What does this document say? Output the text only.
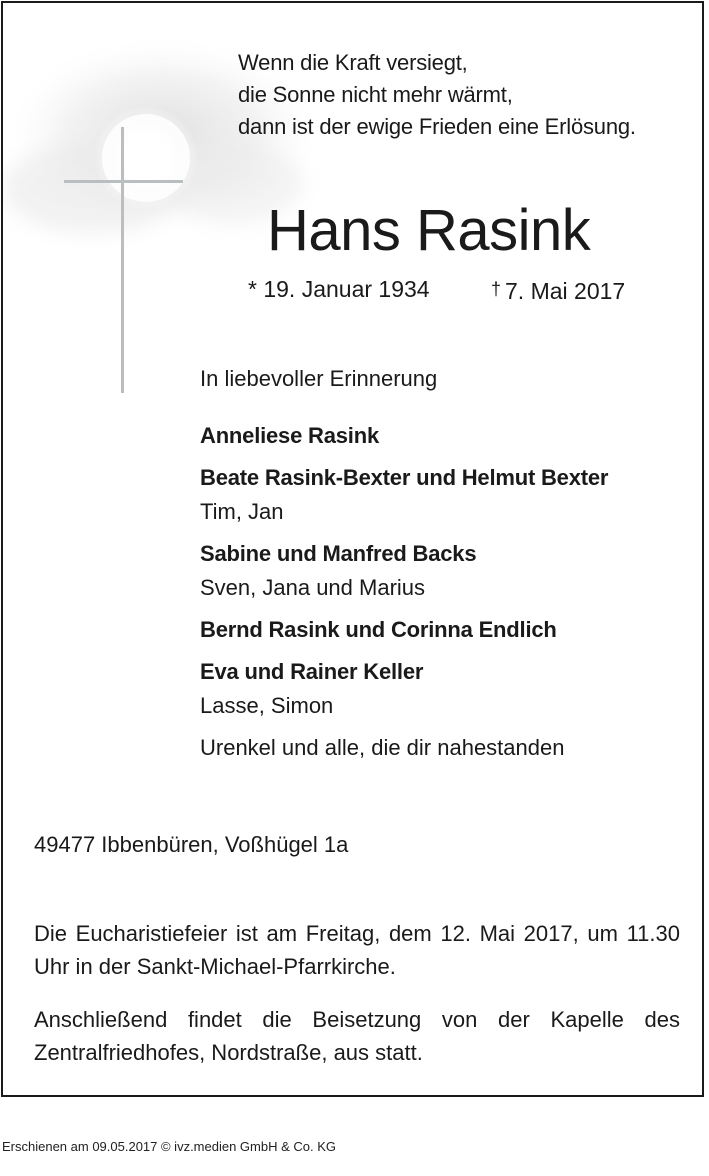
Wenn die Kraft versiegt,
die Sonne nicht mehr wärmt,
dann ist der ewige Frieden eine Erlösung.
Hans Rasink
* 19. Januar 1934	† 7. Mai 2017
In liebevoller Erinnerung
Anneliese Rasink
Beate Rasink-Bexter und Helmut Bexter
Tim, Jan
Sabine und Manfred Backs
Sven, Jana und Marius
Bernd Rasink und Corinna Endlich
Eva und Rainer Keller
Lasse, Simon
Urenkel und alle, die dir nahestanden
49477 Ibbenbüren, Voßhügel 1a
Die Eucharistiefeier ist am Freitag, dem 12. Mai 2017, um 11.30 Uhr in der Sankt-Michael-Pfarrkirche.
Anschließend findet die Beisetzung von der Kapelle des Zentralfriedhofes, Nordstraße, aus statt.
Erschienen am 09.05.2017 © ivz.medien GmbH & Co. KG
